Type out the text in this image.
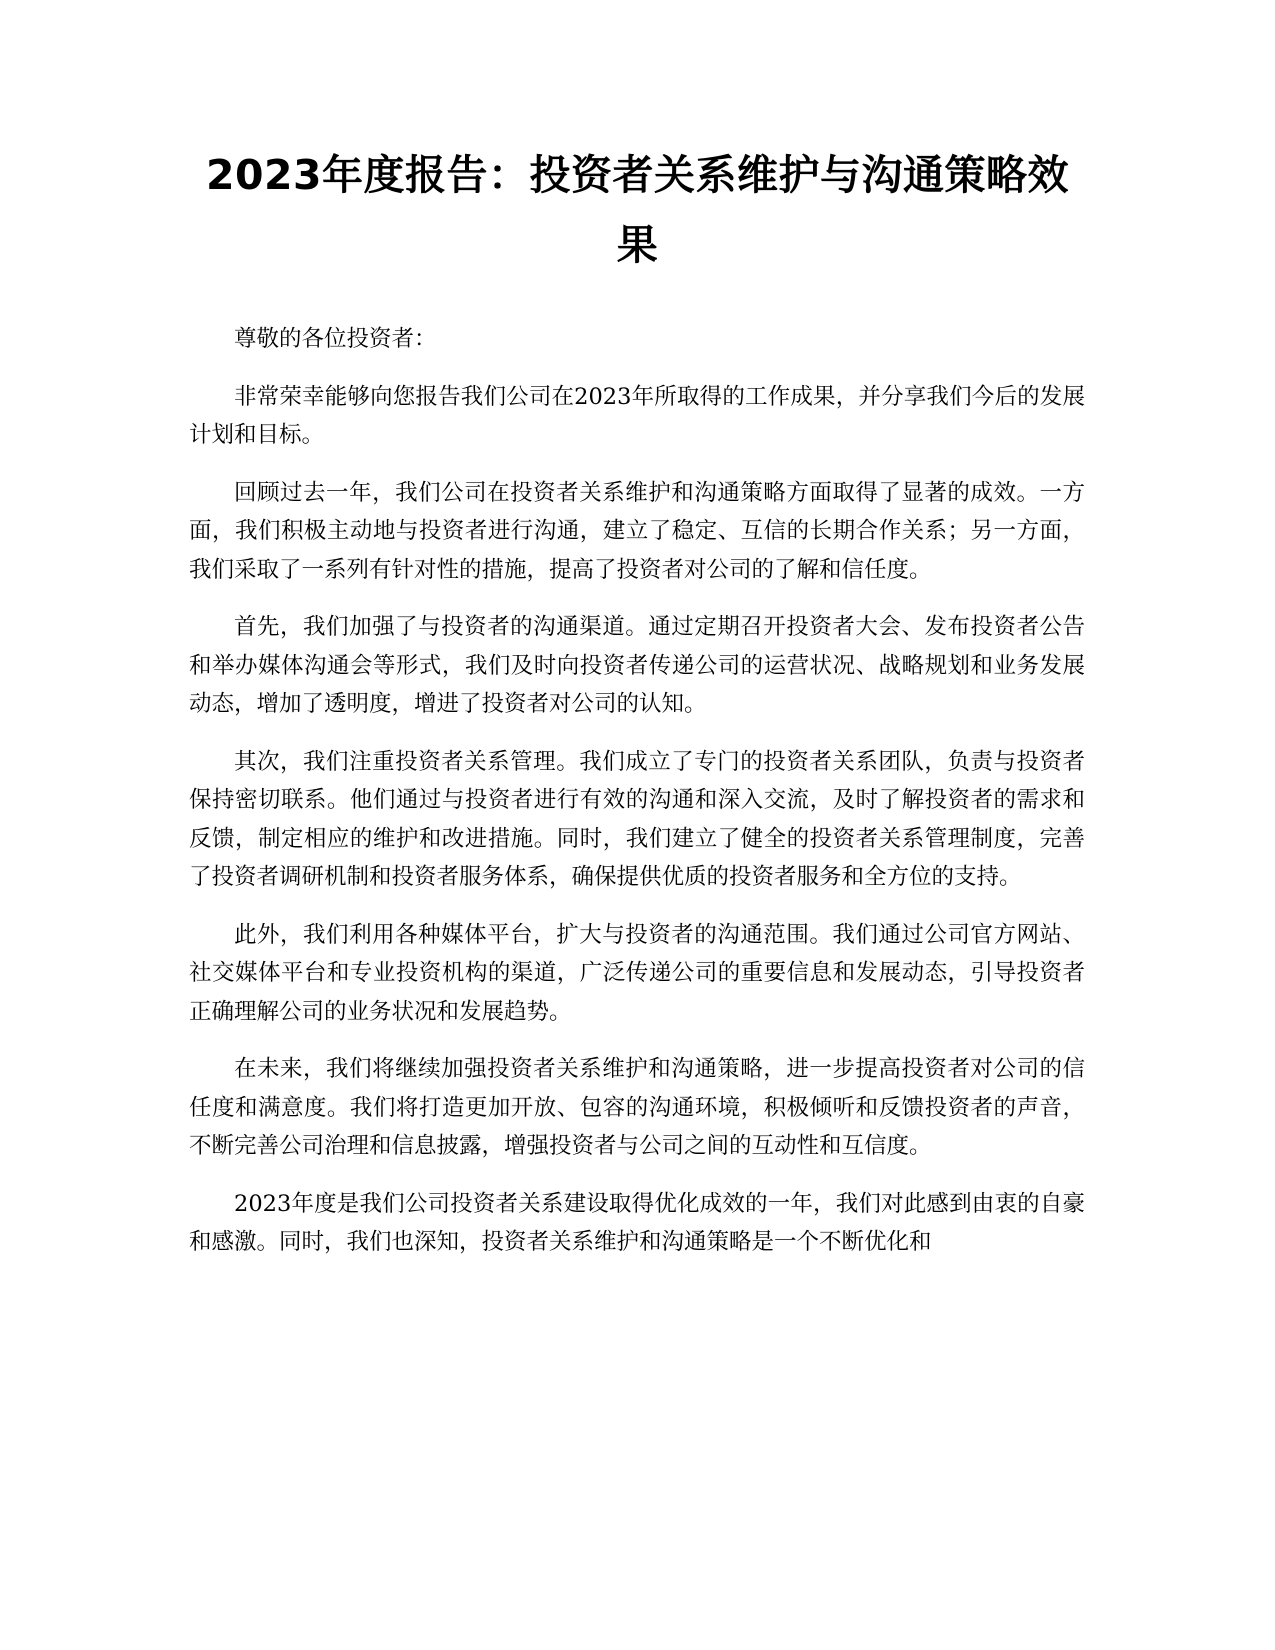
2023年度报告：投资者关系维护与沟通策略效果

尊敬的各位投资者：

非常荣幸能够向您报告我们公司在2023年所取得的工作成果，并分享我们今后的发展计划和目标。

回顾过去一年，我们公司在投资者关系维护和沟通策略方面取得了显著的成效。一方面，我们积极主动地与投资者进行沟通，建立了稳定、互信的长期合作关系；另一方面，我们采取了一系列有针对性的措施，提高了投资者对公司的了解和信任度。

首先，我们加强了与投资者的沟通渠道。通过定期召开投资者大会、发布投资者公告和举办媒体沟通会等形式，我们及时向投资者传递公司的运营状况、战略规划和业务发展动态，增加了透明度，增进了投资者对公司的认知。

其次，我们注重投资者关系管理。我们成立了专门的投资者关系团队，负责与投资者保持密切联系。他们通过与投资者进行有效的沟通和深入交流，及时了解投资者的需求和反馈，制定相应的维护和改进措施。同时，我们建立了健全的投资者关系管理制度，完善了投资者调研机制和投资者服务体系，确保提供优质的投资者服务和全方位的支持。

此外，我们利用各种媒体平台，扩大与投资者的沟通范围。我们通过公司官方网站、社交媒体平台和专业投资机构的渠道，广泛传递公司的重要信息和发展动态，引导投资者正确理解公司的业务状况和发展趋势。

在未来，我们将继续加强投资者关系维护和沟通策略，进一步提高投资者对公司的信任度和满意度。我们将打造更加开放、包容的沟通环境，积极倾听和反馈投资者的声音，不断完善公司治理和信息披露，增强投资者与公司之间的互动性和互信度。

2023年度是我们公司投资者关系建设取得优化成效的一年，我们对此感到由衷的自豪和感激。同时，我们也深知，投资者关系维护和沟通策略是一个不断优化和
